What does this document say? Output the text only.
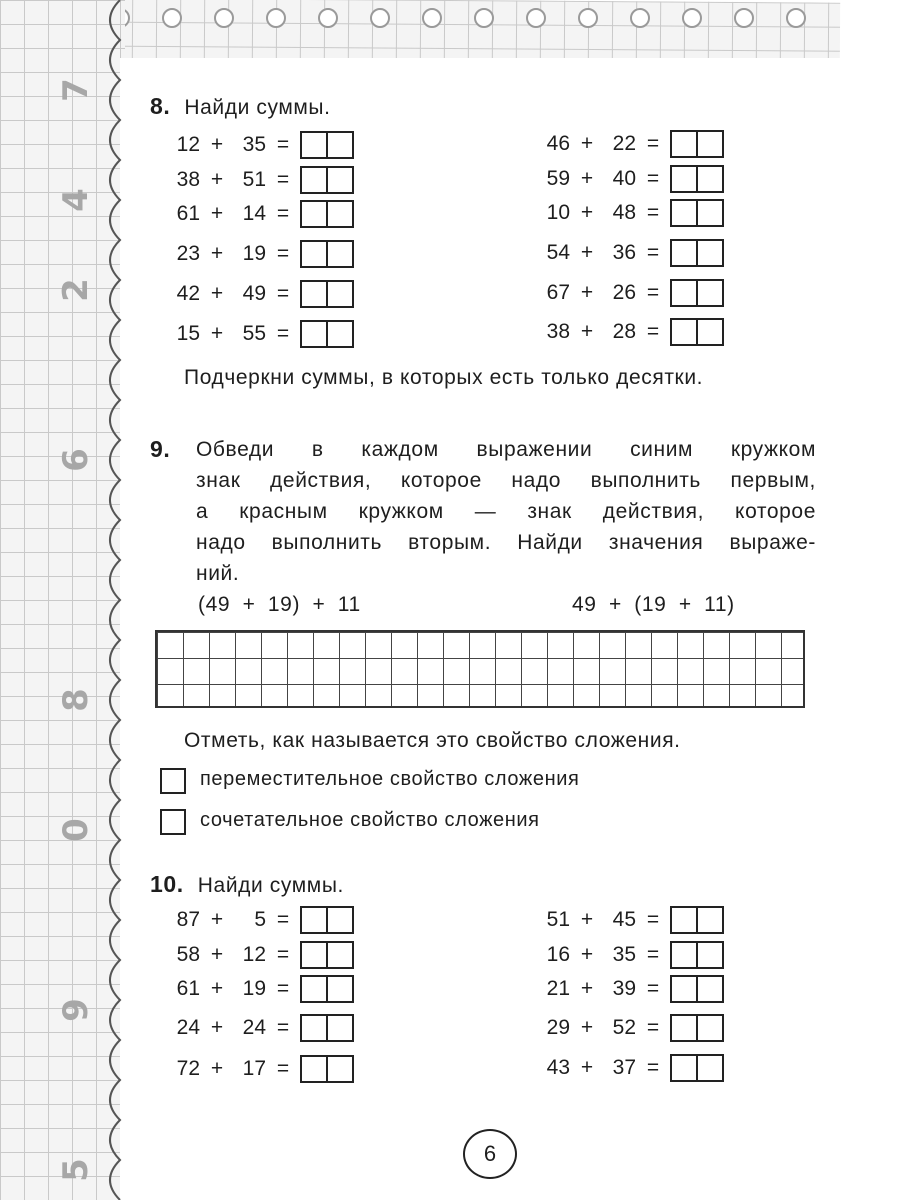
7
4
2
6
8
0
9
5
8. Найди суммы.
12 + 35 =
38 + 51 =
61 + 14 =
23 + 19 =
42 + 49 =
15 + 55 =
46 + 22 =
59 + 40 =
10 + 48 =
54 + 36 =
67 + 26 =
38 + 28 =
Подчеркни суммы, в которых есть только десятки.
9.	Обведи в каждом выражении синим кружком
знак действия, которое надо выполнить первым,
а красным кружком — знак действия, которое
надо выполнить вторым. Найди значения выраже-
ний.
(49 + 19) + 11	49 + (19 + 11)
Отметь, как называется это свойство сложения.
переместительное свойство сложения
сочетательное свойство сложения
10. Найди суммы.
87 +	5 =
58 + 12 =
61 + 19 =
24 + 24 =
72 + 17 =
51 + 45 =
16 + 35 =
21 + 39 =
29 + 52 =
43 + 37 =
6
